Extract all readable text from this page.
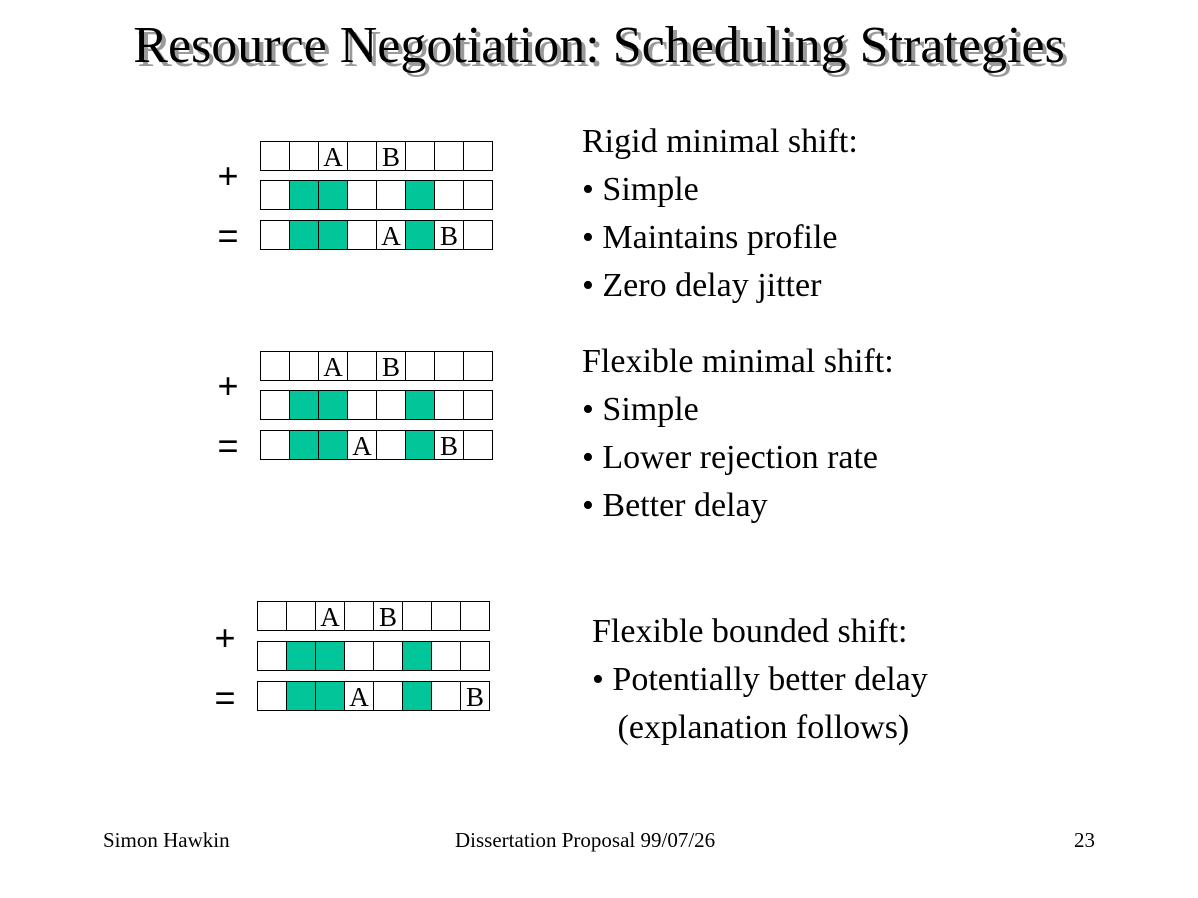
Resource Negotiation: Scheduling Strategies
+
=
A B
A B
Rigid minimal shift:
• Simple
• Maintains profile
• Zero delay jitter
+
=
A B
A	B
Flexible minimal shift:
• Simple
• Lower rejection rate
• Better delay
+
=
A B
A	B
Flexible bounded shift:
• Potentially better delay
(explanation follows)
Simon Hawkin	Dissertation Proposal 99/07/26	23
